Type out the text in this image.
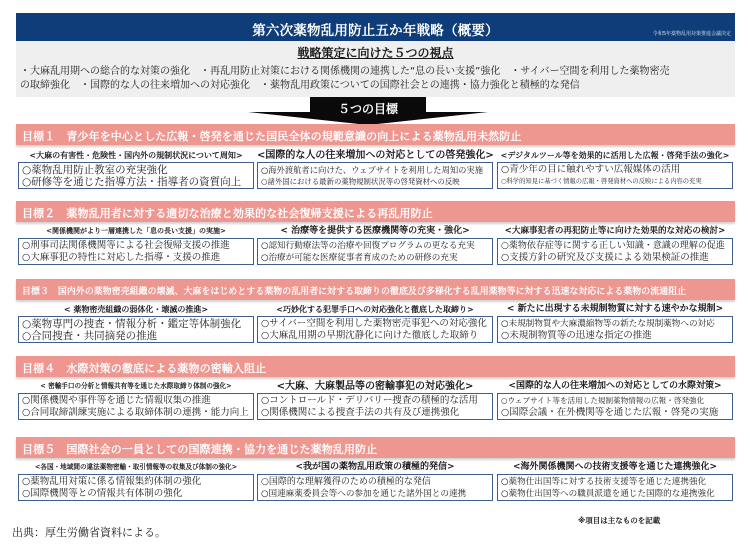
第六次薬物乱用防止五か年戦略（概要）	令和5年薬物乱用対策推進会議決定
戦略策定に向けた５つの視点
・大麻乱用期への総合的な対策の強化　・再乱用防止対策における関係機関の連携した“息の長い支援”強化　・サイバー空間を利用した薬物密売
の取締強化　・国際的な人の往来増加への対応強化　・薬物乱用政策についての国際社会との連携・協力強化と積極的な発信
５つの目標
目標１　青少年を中心とした広報・啓発を通じた国民全体の規範意識の向上による薬物乱用未然防止
<大麻の有害性・危険性・国内外の規制状況について周知>
○薬物乱用防止教室の充実強化
○研修等を通じた指導方法・指導者の資質向上
<国際的な人の往来増加への対応としての啓発強化>
○海外渡航者に向けた、ウェブサイトを利用した周知の実施
○諸外国における最新の薬物規制状況等の啓発資材への反映
<デジタルツール等を効果的に活用した広報・啓発手法の強化>
○青少年の目に触れやすい広報媒体の活用
○科学的知見に基づく情報の広報・啓発資材への反映による内容の充実
目標２　薬物乱用者に対する適切な治療と効果的な社会復帰支援による再乱用防止
<関係機関がより一層連携した「息の長い支援」の実施>
○刑事司法関係機関等による社会復帰支援の推進
○大麻事犯の特性に対応した指導・支援の推進
< 治療等を提供する医療機関等の充実・強化>
○認知行動療法等の治療や回復プログラムの更なる充実
○治療が可能な医療従事者育成のための研修の充実
<大麻事犯者の再犯防止等に向けた効果的な対応の検討>
○薬物依存症等に関する正しい知識・意識の理解の促進
○支援方針の研究及び支援による効果検証の推進
目標３　国内外の薬物密売組織の壊滅、大麻をはじめとする薬物の乱用者に対する取締りの徹底及び多様化する乱用薬物等に対する迅速な対応による薬物の流通阻止
< 薬物密売組織の弱体化・壊滅の推進>
○薬物専門の捜査・情報分析・鑑定等体制強化
○合同捜査・共同摘発の推進
<巧妙化する犯罪手口への対応強化と徹底した取締り>
○サイバー空間を利用した薬物密売事犯への対応強化
○大麻乱用期の早期沈静化に向けた徹底した取締り
< 新たに出現する未規制物質に対する速やかな規制>
○未規制物質や大麻濃縮物等の新たな規制薬物への対応
○未規制物質等の迅速な指定の推進
目標４　水際対策の徹底による薬物の密輸入阻止
< 密輸手口の分析と情報共有等を通じた水際取締り体制の強化>
○関係機関や事件等を通じた情報収集の推進
○合同取締訓練実施による取締体制の連携・能力向上
<大麻、大麻製品等の密輸事犯の対応強化>
○コントロールド・デリバリー捜査の積極的な活用
○関係機関による捜査手法の共有及び連携強化
<国際的な人の往来増加への対応としての水際対策>
○ウェブサイト等を活用した規制薬物情報の広報・啓発強化
○国際会議・在外機関等を通じた広報・啓発の実施
目標５　国際社会の一員としての国際連携・協力を通じた薬物乱用防止
<各国・地域間の違法薬物密輸・取引情報等の収集及び体制の強化>
○薬物乱用対策に係る情報集約体制の強化
○国際機関等との情報共有体制の強化
<我が国の薬物乱用政策の積極的発信>
○国際的な理解獲得のための積極的な発信
○国連麻薬委員会等への参加を通じた諸外国との連携
<海外関係機関への技術支援等を通じた連携強化>
○薬物仕出国等に対する技術支援等を通じた連携強化
○薬物仕出国等への職員派遣を通じた国際的な連携強化
※項目は主なものを記載
出典：厚生労働省資料による。
